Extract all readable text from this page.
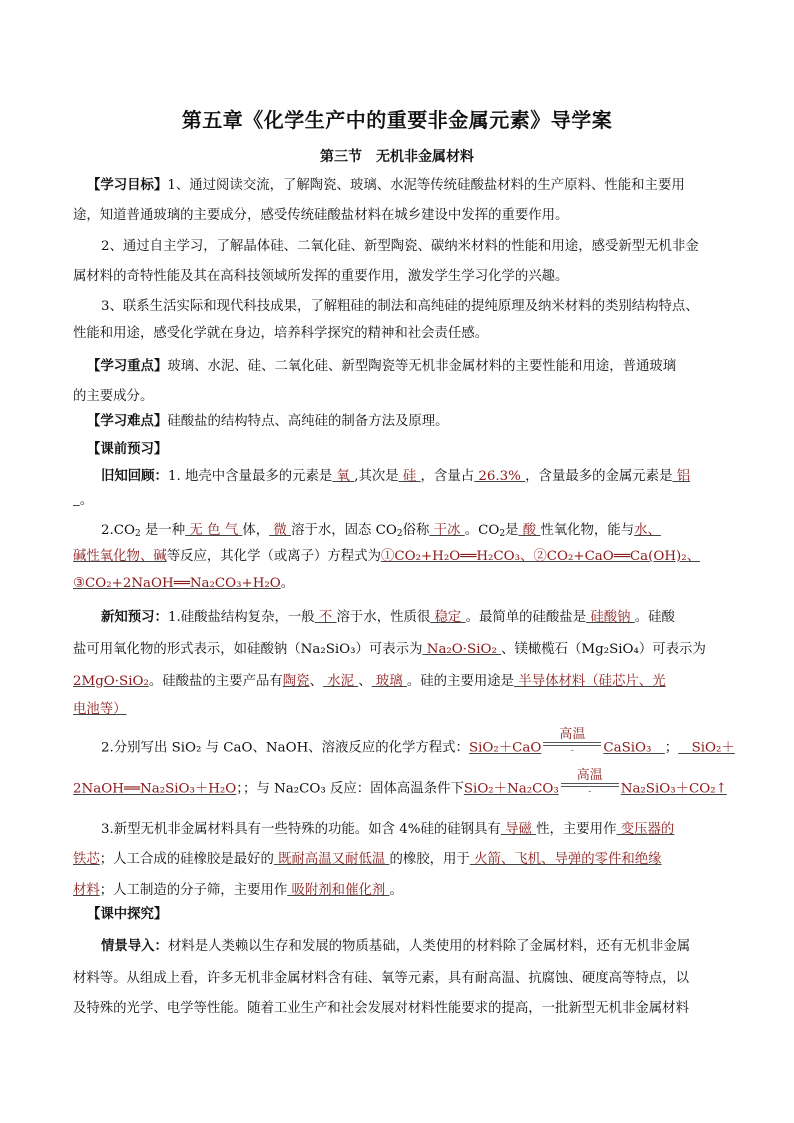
第五章《化学生产中的重要非金属元素》导学案
第三节　无机非金属材料
【学习目标】1、通过阅读交流，了解陶瓷、玻璃、水泥等传统硅酸盐材料的生产原料、性能和主要用
途，知道普通玻璃的主要成分，感受传统硅酸盐材料在城乡建设中发挥的重要作用。
2、通过自主学习，了解晶体硅、二氧化硅、新型陶瓷、碳纳米材料的性能和用途，感受新型无机非金
属材料的奇特性能及其在高科技领域所发挥的重要作用，激发学生学习化学的兴趣。
3、联系生活实际和现代科技成果，了解粗硅的制法和高纯硅的提纯原理及纳米材料的类别结构特点、
性能和用途，感受化学就在身边，培养科学探究的精神和社会责任感。
【学习重点】玻璃、水泥、硅、二氧化硅、新型陶瓷等无机非金属材料的主要性能和用途，普通玻璃
的主要成分。
【学习难点】硅酸盐的结构特点、高纯硅的制备方法及原理。
【课前预习】
旧知回顾：1. 地壳中含量最多的元素是 氧 ,其次是 硅 ，含量占 26.3% ，含量最多的金属元素是 铝
 。
$2.CO_2$ 是一种 无 色 气 体， 微 溶于水，固态 $CO_2$俗称 干冰 。$CO_2$是 酸 性氧化物，能与水、
碱性氧化物、碱等反应，其化学（或离子）方程式为①CO₂+H₂O══H₂CO₃、②CO₂+CaO══Ca(OH)₂、
③CO₂+2NaOH══Na₂CO₃+H₂O。
新知预习：1.硅酸盐结构复杂，一般 不 溶于水，性质很 稳定 。最简单的硅酸盐是 硅酸钠 。硅酸
盐可用氧化物的形式表示，如硅酸钠（Na₂SiO₃）可表示为 Na₂O·SiO₂ 、镁橄榄石（Mg₂SiO₄）可表示为
2MgO·SiO₂。硅酸盐的主要产品有陶瓷、 水泥 、 玻璃 。硅的主要用途是 半导体材料（硅芯片、光
电池等）
2.分别写出 SiO₂ 与 CaO、NaOH、溶液反应的化学方程式：SiO₂＋CaO
高温
-	CaSiO₃   ；   SiO₂＋
2NaOH══Na₂SiO₃＋H₂O；；与 Na₂CO₃ 反应：固体高温条件下SiO₂＋Na₂CO₃
高温
-	Na₂SiO₃＋CO₂↑
3.新型无机非金属材料具有一些特殊的功能。如含 4%硅的硅钢具有 导磁 性，主要用作 变压器的
铁芯；人工合成的硅橡胶是最好的 既耐高温又耐低温 的橡胶，用于 火箭、飞机、导弹的零件和绝缘
材料；人工制造的分子筛，主要用作 吸附剂和催化剂 。
【课中探究】
情景导入：材料是人类赖以生存和发展的物质基础，人类使用的材料除了金属材料，还有无机非金属
材料等。从组成上看，许多无机非金属材料含有硅、氧等元素，具有耐高温、抗腐蚀、硬度高等特点，以
及特殊的光学、电学等性能。随着工业生产和社会发展对材料性能要求的提高，一批新型无机非金属材料
